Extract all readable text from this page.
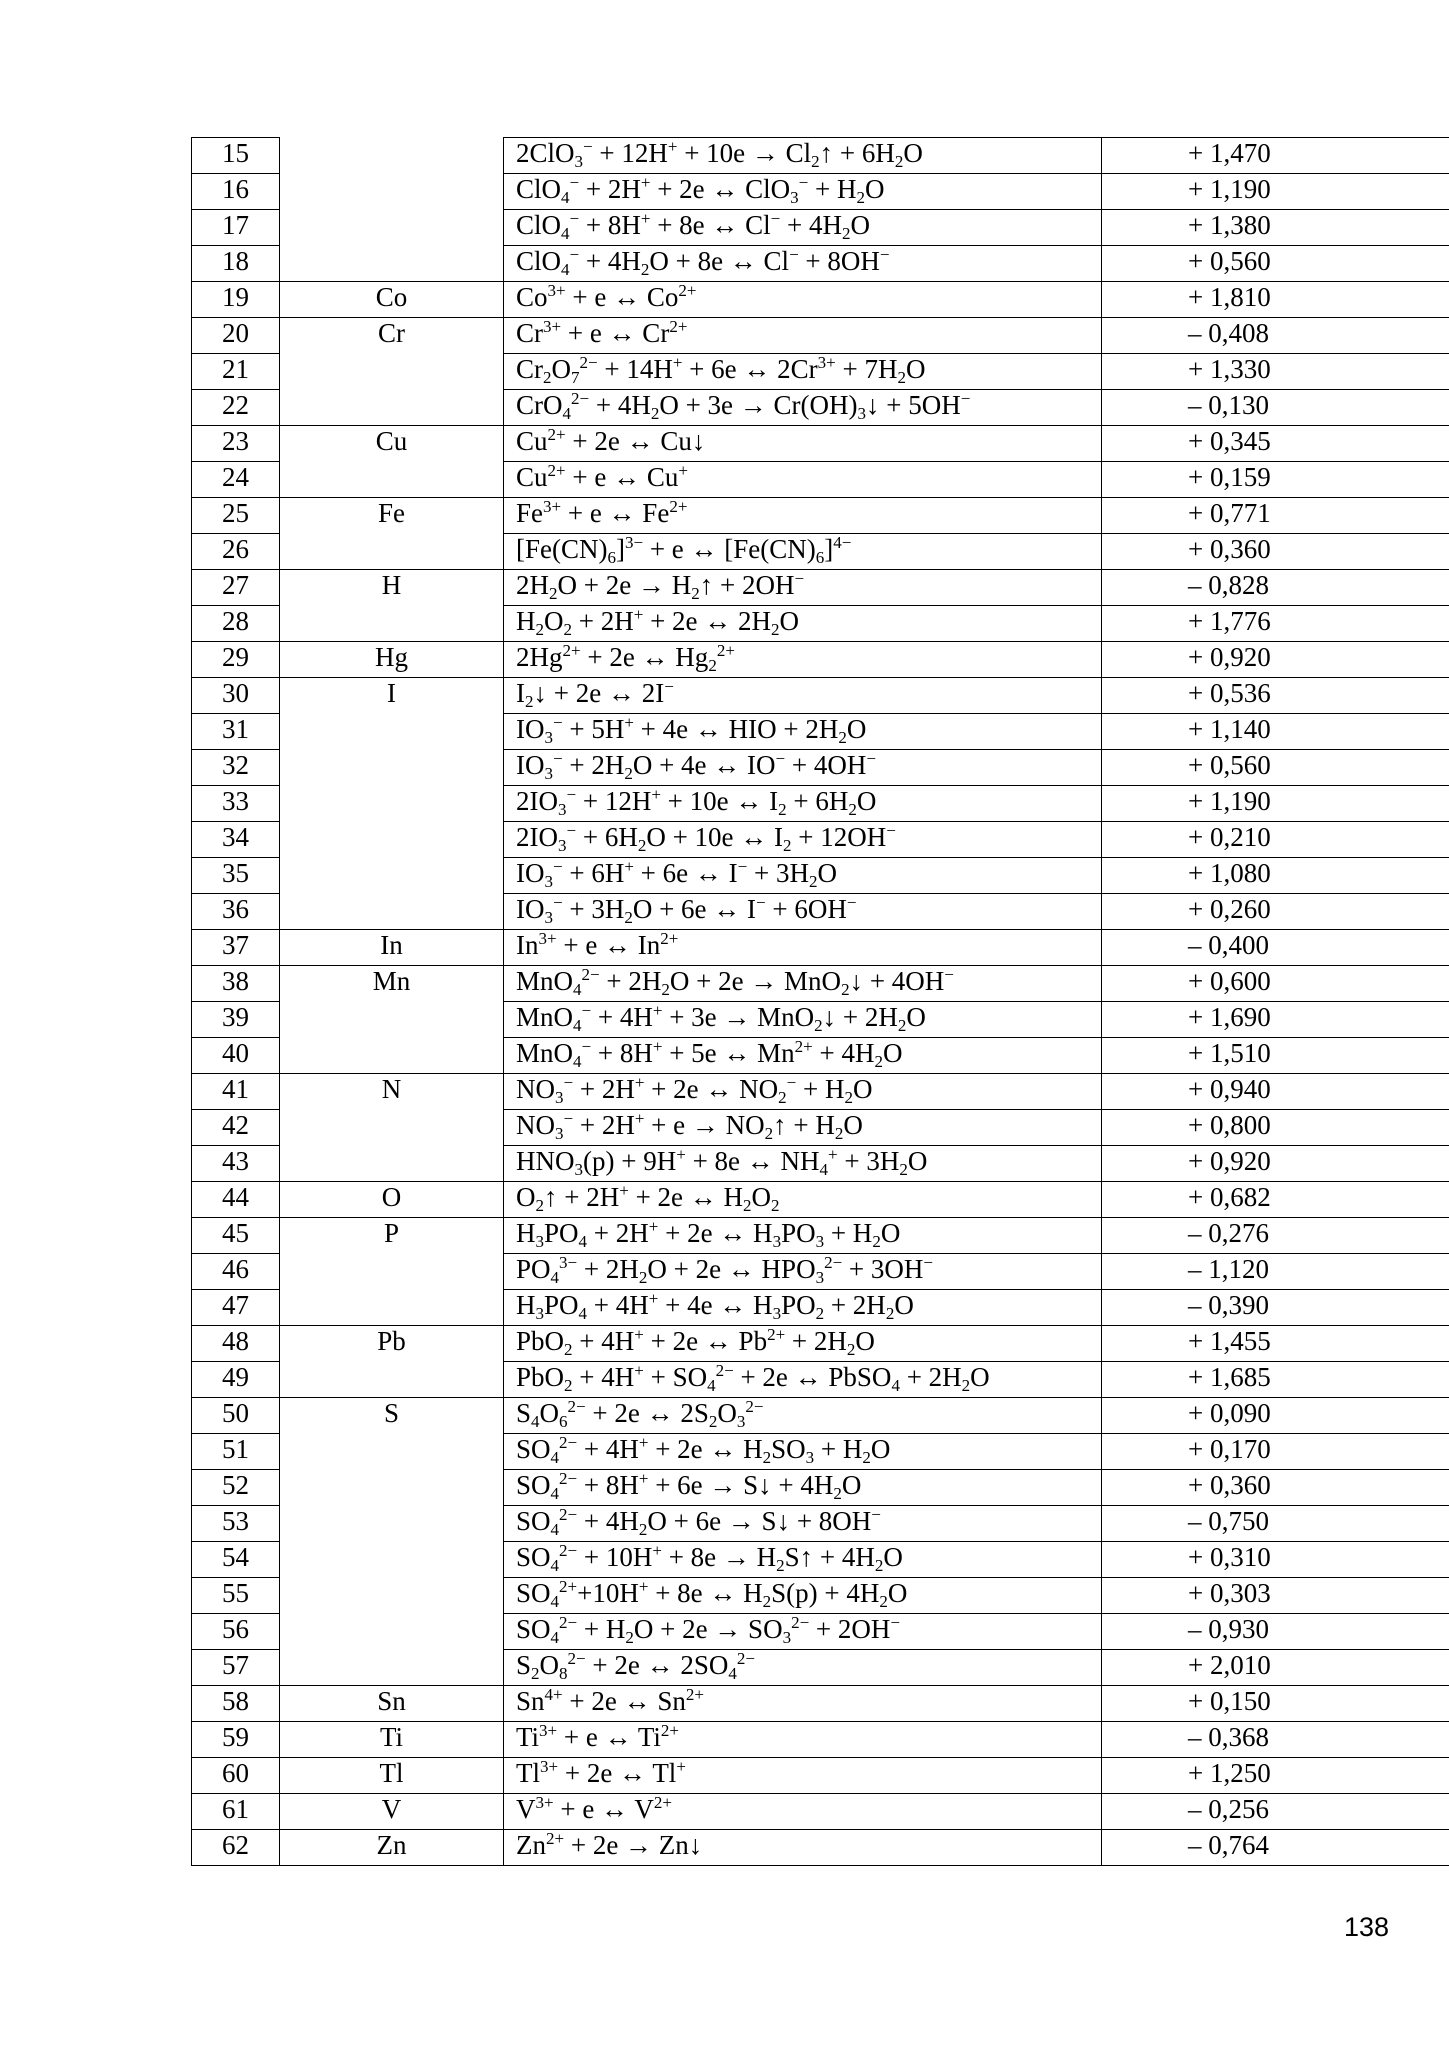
15		$2ClO_3^- + 12H^+ + 10e \to Cl_2↑ + 6H_2O$	+ 1,470
16		ClO$_4$− + 2H+ + 2e ↔ $ClO_3^- + H_2O$	+ 1,190
17		ClO$_4$− + 8H+ + 8e ↔ $Cl^- + 4H_2O$	+ 1,380
18		$ClO_4^- + 4H_2O + 8e$ ↔ Cl− + 8OH−	+ 0,560
19	Co	$Co^{3+} + e$ ↔ $Co^{2+}$	+ 1,810
20	Cr	$Cr^{3+} + e$ ↔ $Cr^{2+}$	– 0,408
21		$Cr_2O_7^{2-} + 14H^+ + 6e$ ↔ $2Cr^{3+} + 7H_2O$	+ 1,330
22		$CrO_4^{2-} + 4H_2O + 3e$ → $Cr(OH)_3↓ + 5OH^-$	– 0,130
23	Cu	$Cu^{2+} + 2e$ ↔ Cu↓	+ 0,345
24		$Cu^{2+} + e$ ↔ Cu+	+ 0,159
25	Fe	$Fe^{3+} + e$ ↔ $Fe^{2+}$	+ 0,771
26		$[Fe(CN)_6]^{3-} + e$ ↔ $[Fe(CN)_6]^{4-}$	+ 0,360
27	H	$2H_2O + 2e$ → $H_2↑ + 2OH^-$	– 0,828
28		$H_2O_2 + 2H^+ + 2e$ ↔ $2H_2O$	+ 1,776
29	Hg	$2Hg^{2+} + 2e$ ↔ $Hg_2^{2+}$	+ 0,920
30	I	$I_2↓ + 2e$ ↔ 2I−	+ 0,536
31		$IO_3^- + 5H^+ + 4e$ ↔ HIO + $2H_2O$	+ 1,140
32		$IO_3^- + 2H_2O + 4e$ ↔ IO− + 4OH−	+ 0,560
33		$2IO_3^- + 12H^+ + 10e$ ↔ $I_2 + 6H_2O$	+ 1,190
34		$2IO_3^- + 6H_2O + 10e$ ↔ $I_2 + 12OH^-$	+ 0,210
35		$IO_3^- + 6H^+ + 6e$ ↔ $I^- + 3H_2O$	+ 1,080
36		$IO_3^- + 3H_2O + 6e$ ↔ I− + 6OH−	+ 0,260
37	In	$In^{3+} + e$ ↔ $In^{2+}$	– 0,400
38	Mn	$MnO_4^{2-} + 2H_2O + 2e$ → MnO$_2$↓ + 4OH−	+ 0,600
39		MnO$_4$− + 4H+ + 3e → MnO$_2$↓ + $2H_2O$	+ 1,690
40		MnO$_4$− + 8H+ + 5e ↔ $Mn^{2+} + 4H_2O$	+ 1,510
41	N	$NO_3^- + 2H^+ + 2e$ ↔ $NO_2^- + H_2O$	+ 0,940
42		$NO_3^- + 2H^+ + e$ → $NO_2↑ + H_2O$	+ 0,800
43		$HNO_3(p) + 9H^+ + 8e$ ↔ $NH_4^+ + 3H_2O$	+ 0,920
44	O	$O_2↑ + 2H^+ + 2e$ ↔ $H_2O_2$	+ 0,682
45	P	$H_3PO_4 + 2H^+ + 2e$ ↔ $H_3PO_3 + H_2O$	– 0,276
46		$PO_4^{3-} + 2H_2O + 2e$ ↔ $HPO_3^{2-} + 3OH^-$	– 1,120
47		$H_3PO_4 + 4H^+ + 4e$ ↔ $H_3PO_2 + 2H_2O$	– 0,390
48	Pb	PbO$_2$ + 4H+ + 2e ↔ $Pb^{2+} + 2H_2O$	+ 1,455
49		$PbO_2 + 4H^+ + SO_4^{2-} + 2e$ ↔ PbSO$_4$ + $2H_2O$	+ 1,685
50	S	$S_4O_6^{2-} + 2e$ ↔ $2S_2O_3^{2-}$	+ 0,090
51		$SO_4^{2-} + 4H^+ + 2e$ ↔ $H_2SO_3 + H_2O$	+ 0,170
52		$SO_4^{2-} + 8H^+ + 6e$ → S↓ + $4H_2O$	+ 0,360
53		$SO_4^{2-} + 4H_2O + 6e$ → S↓ + 8OH−	– 0,750
54		$SO_4^{2-} + 10H^+ + 8e$ → $H_2S↑ + 4H_2O$	+ 0,310
55		$SO_4^{2+}+10H^+ + 8e$ ↔ $H_2S(p) + 4H_2O$	+ 0,303
56		$SO_4^{2-} + H_2O + 2e \to SO_3^{2-} + 2OH^-$	– 0,930
57		$S_2O_8^{2-} + 2e$ ↔ $2SO_4^{2-}$	+ 2,010
58	Sn	$Sn^{4+} + 2e$ ↔ $Sn^{2+}$	+ 0,150
59	Ti	$Ti^{3+} + e$ ↔ $Ti^{2+}$	– 0,368
60	Tl	$Tl^{3+} + 2e$ ↔ Tl+	+ 1,250
61	V	$V^{3+} + e$ ↔ $V^{2+}$	– 0,256
62	Zn	$Zn^{2+} + 2e$ → Zn↓	– 0,764
138
